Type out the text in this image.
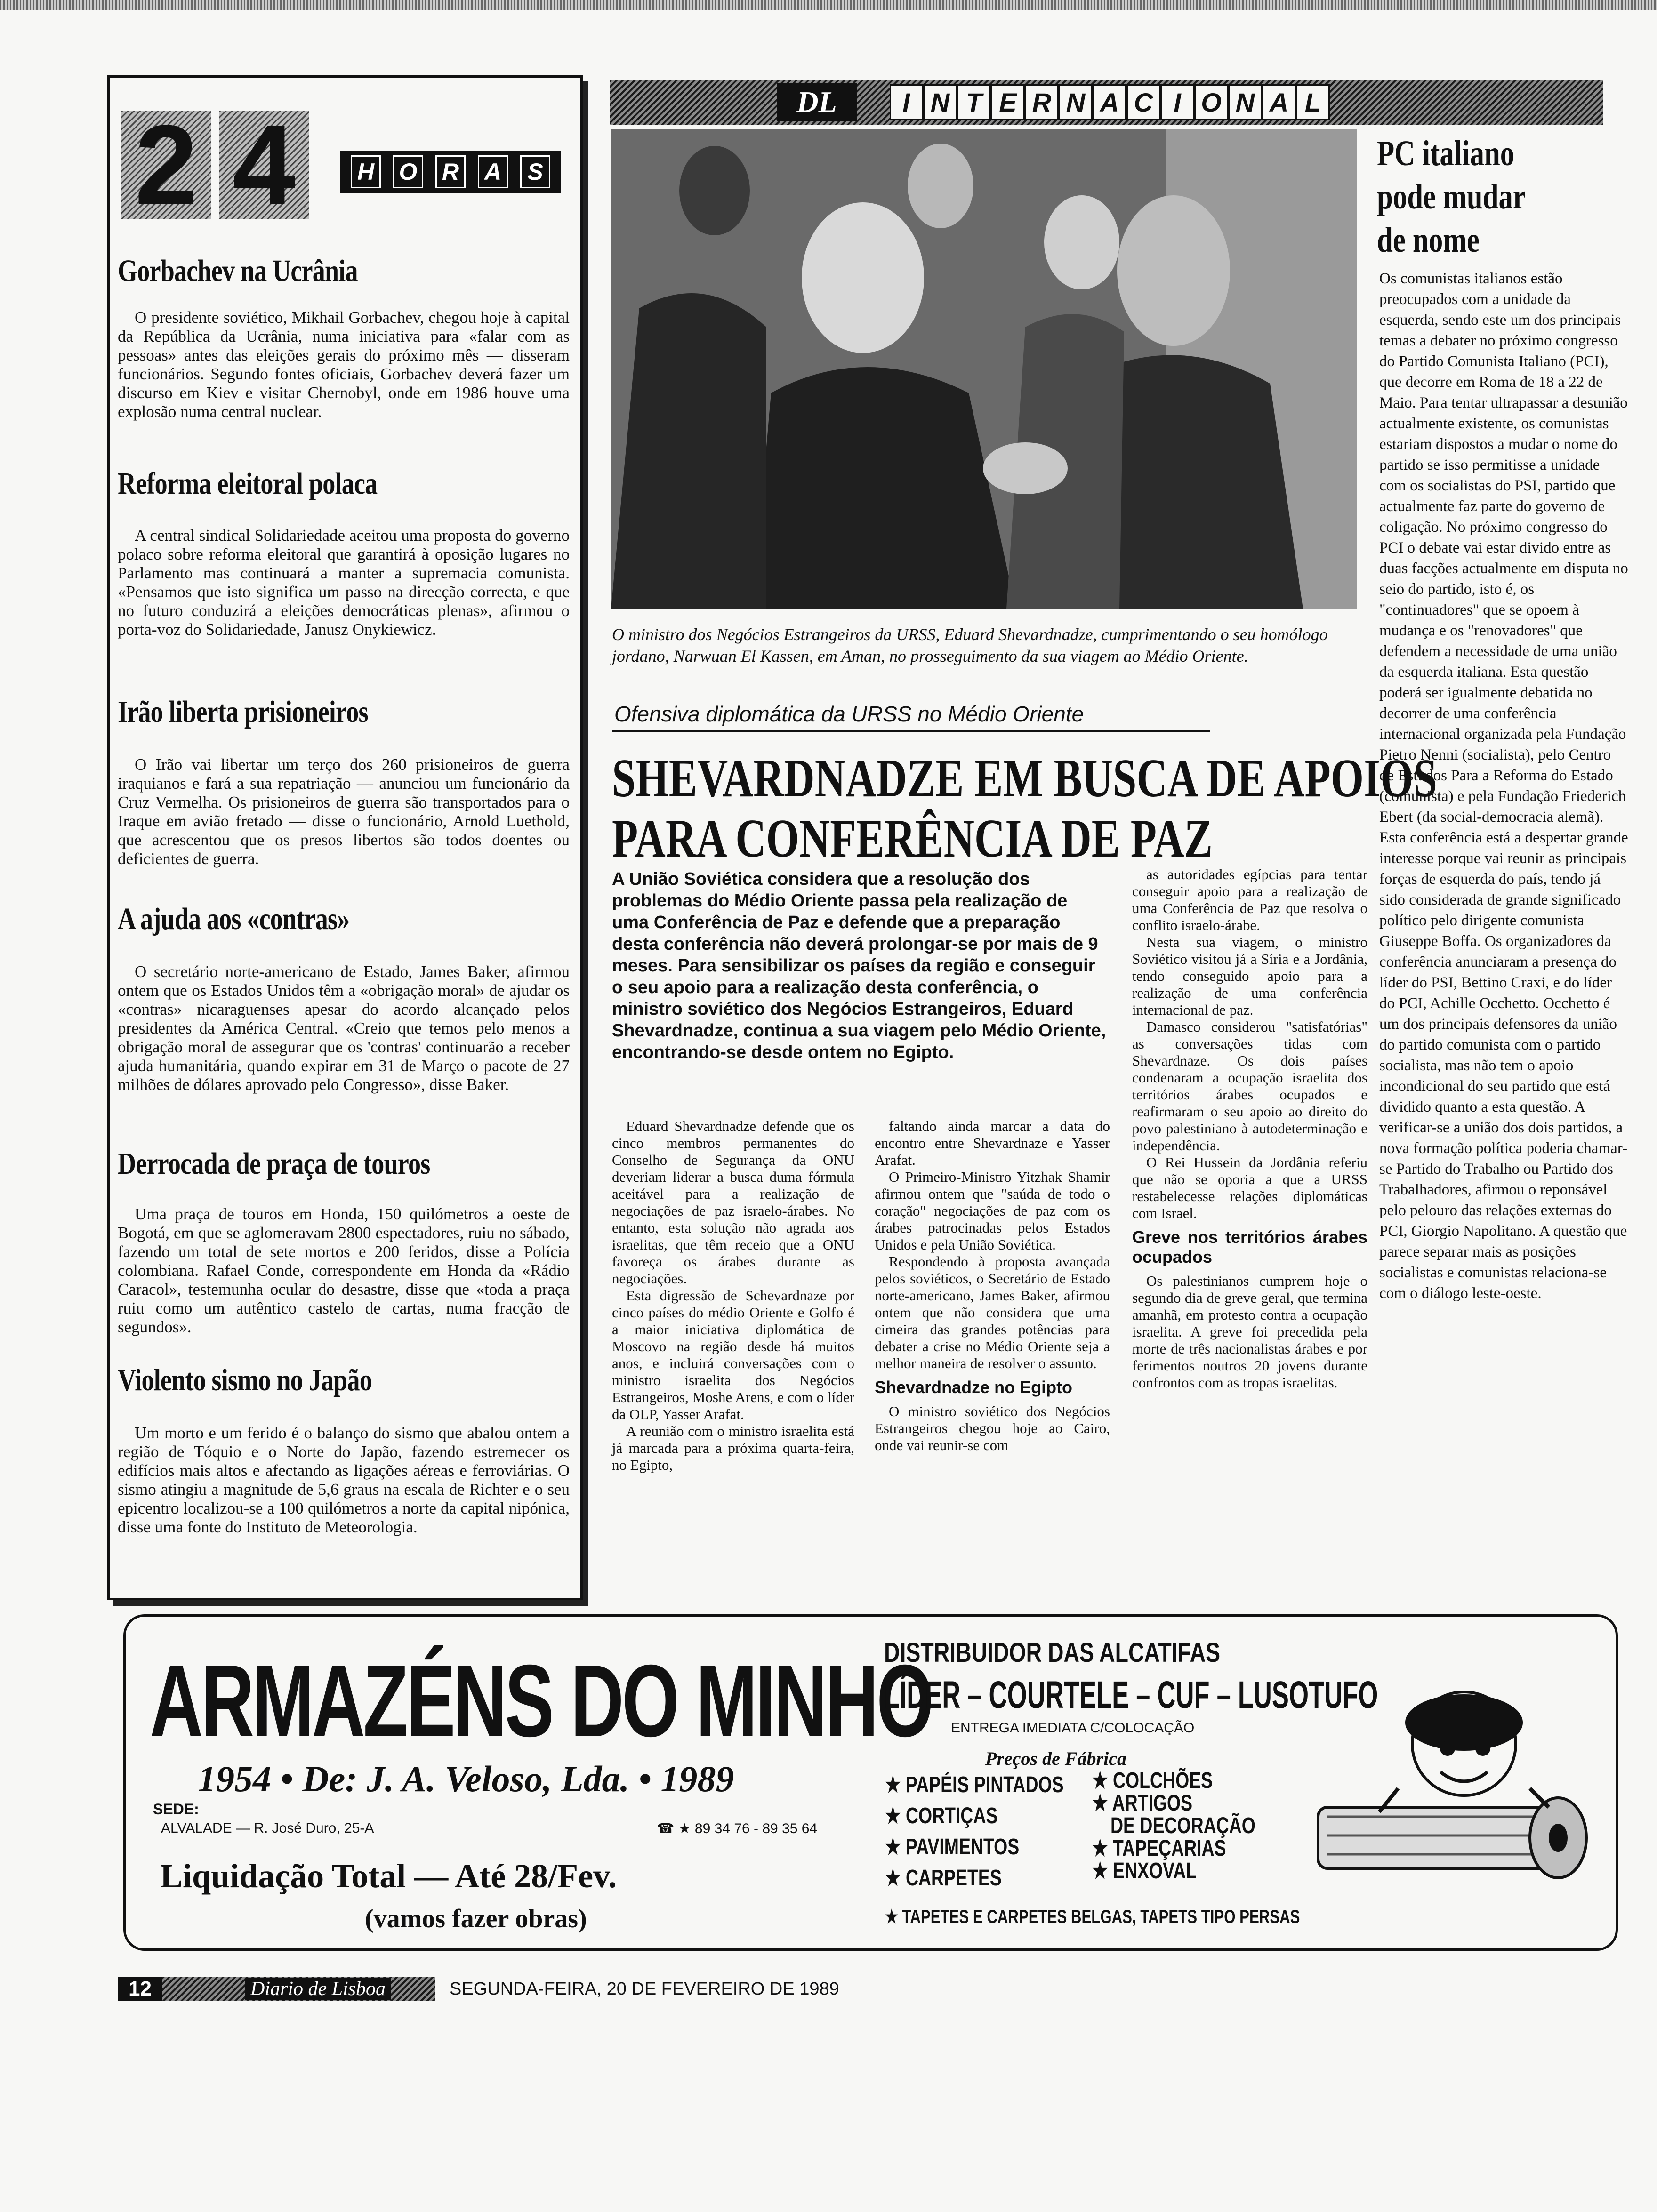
2 4	H O R A	S
Gorbachev na Ucrânia

O presidente soviético, Mikhail Gorbachev, chegou hoje à capital da República da Ucrânia, numa iniciativa para «falar com as pessoas» antes das eleições gerais do próximo mês — disseram funcionários. Segundo fontes oficiais, Gorbachev deverá fazer um discurso em Kiev e visitar Chernobyl, onde em 1986 houve uma explosão numa central nuclear.

Reforma eleitoral polaca

A central sindical Solidariedade aceitou uma proposta do governo polaco sobre reforma eleitoral que garantirá à oposição lugares no Parlamento mas continuará a manter a supremacia comunista. «Pensamos que isto significa um passo na direcção correcta, e que no futuro conduzirá a eleições democráticas plenas», afirmou o porta-voz do Solidariedade, Janusz Onykiewicz.

Irão liberta prisioneiros

O Irão vai libertar um terço dos 260 prisioneiros de guerra iraquianos e fará a sua repatriação — anunciou um funcionário da Cruz Vermelha. Os prisioneiros de guerra são transportados para o Iraque em avião fretado — disse o funcionário, Arnold Luethold, que acrescentou que os presos libertos são todos doentes ou deficientes de guerra.

A ajuda aos «contras»

O secretário norte-americano de Estado, James Baker, afirmou ontem que os Estados Unidos têm a «obrigação moral» de ajudar os «contras» nicaraguenses apesar do acordo alcançado pelos presidentes da América Central. «Creio que temos pelo menos a obrigação moral de assegurar que os 'contras' continuarão a receber ajuda humanitária, quando expirar em 31 de Março o pacote de 27 milhões de dólares aprovado pelo Congresso», disse Baker.

Derrocada de praça de touros

Uma praça de touros em Honda, 150 quilómetros a oeste de Bogotá, em que se aglomeravam 2800 espectadores, ruiu no sábado, fazendo um total de sete mortos e 200 feridos, disse a Polícia colombiana. Rafael Conde, correspondente em Honda da «Rádio Caracol», testemunha ocular do desastre, disse que «toda a praça ruiu como um autêntico castelo de cartas, numa fracção de segundos».

Violento sismo no Japão

Um morto e um ferido é o balanço do sismo que abalou ontem a região de Tóquio e o Norte do Japão, fazendo estremecer os edifícios mais altos e afectando as ligações aéreas e ferroviárias. O sismo atingiu a magnitude de 5,6 graus na escala de Richter e o seu epicentro localizou-se a 100 quilómetros a norte da capital nipónica, disse uma fonte do Instituto de Meteorologia.

DL	I N T E R N A C I O N A L

O ministro dos Negócios Estrangeiros da URSS, Eduard Shevardnadze, cumprimentando o seu homólogo jordano, Narwuan El Kassen, em Aman, no prosseguimento da sua viagem ao Médio Oriente.

Ofensiva diplomática da URSS no Médio Oriente
SHEVARDNADZE EM BUSCA DE APOIOS
PARA CONFERÊNCIA DE PAZ

A União Soviética considera que a resolução dos problemas do Médio Oriente passa pela realização de uma Conferência de Paz e defende que a preparação desta conferência não deverá prolongar-se por mais de 9 meses. Para sensibilizar os países da região e conseguir o seu apoio para a realização desta conferência, o ministro soviético dos Negócios Estrangeiros, Eduard Shevardnadze, continua a sua viagem pelo Médio Oriente, encontrando-se desde ontem no Egipto.

Eduard Shevardnadze defende que os cinco membros permanentes do Conselho de Segurança da ONU deveriam liderar a busca duma fórmula aceitável para a realização de negociações de paz israelo-árabes. No entanto, esta solução não agrada aos israelitas, que têm receio que a ONU favoreça os árabes durante as negociações.

Esta digressão de Schevardnaze por cinco países do médio Oriente e Golfo é a maior iniciativa diplomática de Moscovo na região desde há muitos anos, e incluirá conversações com o ministro israelita dos Negócios Estrangeiros, Moshe Arens, e com o líder da OLP, Yasser Arafat.

A reunião com o ministro israelita está já marcada para a próxima quarta-feira, no Egipto,

faltando ainda marcar a data do encontro entre Shevardnaze e Yasser Arafat.

O Primeiro-Ministro Yitzhak Shamir afirmou ontem que "saúda de todo o coração" negociações de paz com os árabes patrocinadas pelos Estados Unidos e pela União Soviética.

Respondendo à proposta avançada pelos soviéticos, o Secretário de Estado norte-americano, James Baker, afirmou ontem que não considera que uma cimeira das grandes potências para debater a crise no Médio Oriente seja a melhor maneira de resolver o assunto.

Shevardnadze no Egipto

O ministro soviético dos Negócios Estrangeiros chegou hoje ao Cairo, onde vai reunir-se com

as autoridades egípcias para tentar conseguir apoio para a realização de uma Conferência de Paz que resolva o conflito israelo-árabe.

Nesta sua viagem, o ministro Soviético visitou já a Síria e a Jordânia, tendo conseguido apoio para a realização de uma conferência internacional de paz.

Damasco considerou "satisfatórias" as conversações tidas com Shevardnaze. Os dois países condenaram a ocupação israelita dos territórios árabes ocupados e reafirmaram o seu apoio ao direito do povo palestiniano à autodeterminação e independência.

O Rei Hussein da Jordânia referiu que não se oporia a que a URSS restabelecesse relações diplomáticas com Israel.

Greve nos territórios árabes ocupados

Os palestinianos cumprem hoje o segundo dia de greve geral, que termina amanhã, em protesto contra a ocupação israelita. A greve foi precedida pela morte de três nacionalistas árabes e por ferimentos noutros 20 jovens durante confrontos com as tropas israelitas.

PC italiano pode mudar de nome

Os comunistas italianos estão preocupados com a unidade da esquerda, sendo este um dos principais temas a debater no próximo congresso do Partido Comunista Italiano (PCI), que decorre em Roma de 18 a 22 de Maio. Para tentar ultrapassar a desunião actualmente existente, os comunistas estariam dispostos a mudar o nome do partido se isso permitisse a unidade com os socialistas do PSI, partido que actualmente faz parte do governo de coligação. No próximo congresso do PCI o debate vai estar divido entre as duas facções actualmente em disputa no seio do partido, isto é, os "continuadores" que se opoem à mudança e os "renovadores" que defendem a necessidade de uma união da esquerda italiana. Esta questão poderá ser igualmente debatida no decorrer de uma conferência internacional organizada pela Fundação Pietro Nenni (socialista), pelo Centro de Estudos Para a Reforma do Estado (comunista) e pela Fundação Friederich Ebert (da social-democracia alemã). Esta conferência está a despertar grande interesse porque vai reunir as principais forças de esquerda do país, tendo já sido considerada de grande significado político pelo dirigente comunista Giuseppe Boffa. Os organizadores da conferência anunciaram a presença do líder do PSI, Bettino Craxi, e do líder do PCI, Achille Occhetto. Occhetto é um dos principais defensores da união do partido comunista com o partido socialista, mas não tem o apoio incondicional do seu partido que está dividido quanto a esta questão. A verificar-se a união dos dois partidos, a nova formação política poderia chamar-se Partido do Trabalho ou Partido dos Trabalhadores, afirmou o reponsável pelo pelouro das relações externas do PCI, Giorgio Napolitano. A questão que parece separar mais as posições socialistas e comunistas relaciona-se com o diálogo leste-oeste.

ARMAZÉNS DO MINHO
1954 • De: J. A. Veloso, Lda. • 1989
SEDE:
ALVALADE — R. José Duro, 25-A	☎ ★ 89 34 76 - 89 35 64
Liquidação Total — Até 28/Fev.
(vamos fazer obras)
DISTRIBUIDOR DAS ALCATIFAS
LÍDER – COURTELE – CUF – LUSOTUFO
ENTREGA IMEDIATA C/COLOCAÇÃO
Preços de Fábrica
★ PAPÉIS PINTADOS
★ CORTIÇAS
★ PAVIMENTOS
★ CARPETES
★ COLCHÕES
★ ARTIGOS
DE DECORAÇÃO
★ TAPEÇARIAS
★ ENXOVAL
★ TAPETES E CARPETES BELGAS, TAPETS TIPO PERSAS
12	Diario de Lisboa	SEGUNDA-FEIRA, 20 DE FEVEREIRO DE 1989
